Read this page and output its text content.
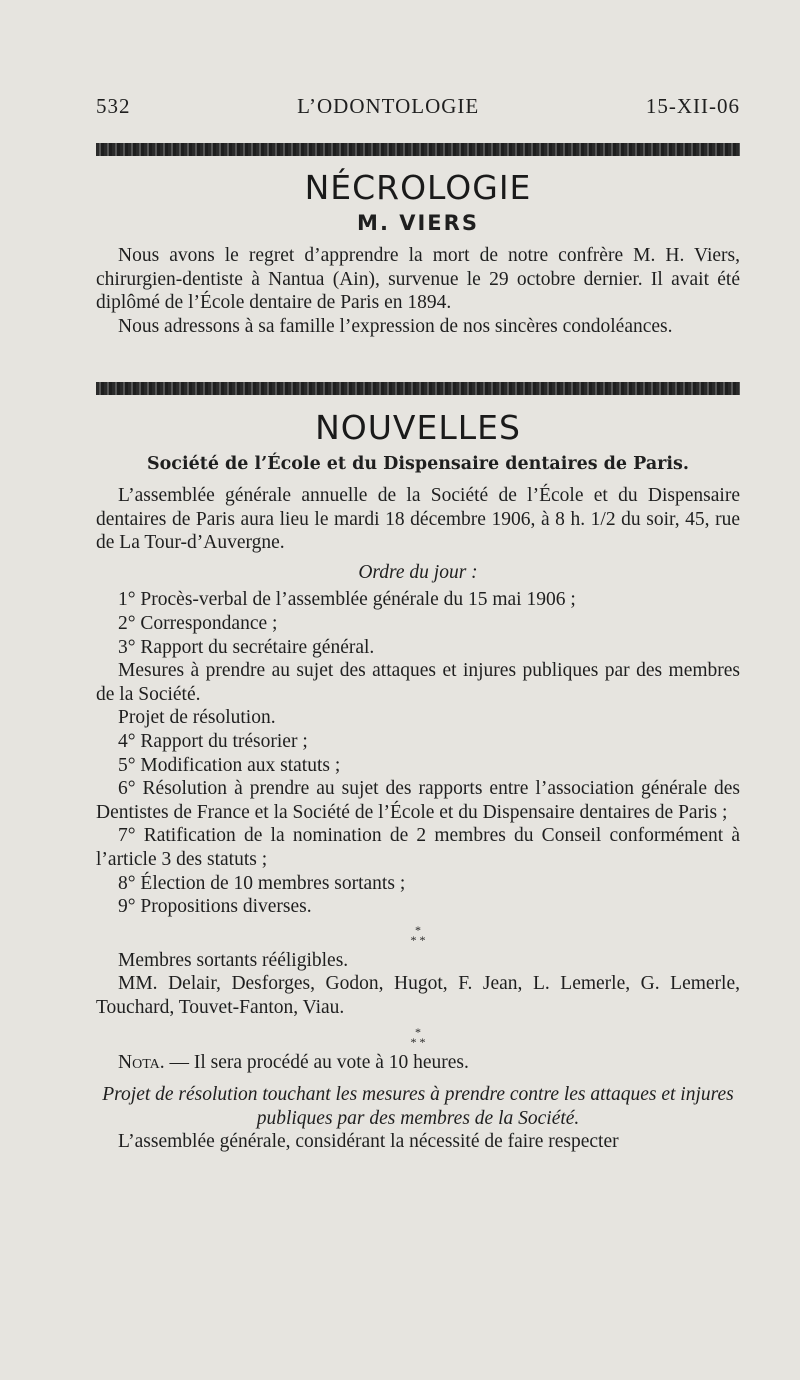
532	L’ODONTOLOGIE	15-XII-06
NÉCROLOGIE
M. VIERS

Nous avons le regret d’apprendre la mort de notre confrère M. H. Viers, chirurgien-dentiste à Nantua (Ain), survenue le 29 octobre dernier. Il avait été diplômé de l’École dentaire de Paris en 1894.

Nous adressons à sa famille l’expression de nos sincères condoléances.

NOUVELLES
Société de l’École et du Dispensaire dentaires de Paris.

L’assemblée générale annuelle de la Société de l’École et du Dispensaire dentaires de Paris aura lieu le mardi 18 décembre 1906, à 8 h. 1/2 du soir, 45, rue de La Tour-d’Auvergne.

Ordre du jour :

1° Procès-verbal de l’assemblée générale du 15 mai 1906 ;

2° Correspondance ;

3° Rapport du secrétaire général.

Mesures à prendre au sujet des attaques et injures publiques par des membres de la Société.

Projet de résolution.

4° Rapport du trésorier ;

5° Modification aux statuts ;

6° Résolution à prendre au sujet des rapports entre l’association générale des Dentistes de France et la Société de l’École et du Dispensaire dentaires de Paris ;

7° Ratification de la nomination de 2 membres du Conseil conformément à l’article 3 des statuts ;

8° Élection de 10 membres sortants ;

9° Propositions diverses.

*

* *

Membres sortants rééligibles.

MM. Delair, Desforges, Godon, Hugot, F. Jean, L. Lemerle, G. Lemerle, Touchard, Touvet-Fanton, Viau.

*

* *

Nota. — Il sera procédé au vote à 10 heures.

Projet de résolution touchant les mesures à prendre contre les attaques et injures publiques par des membres de la Société.

L’assemblée générale, considérant la nécessité de faire respecter
